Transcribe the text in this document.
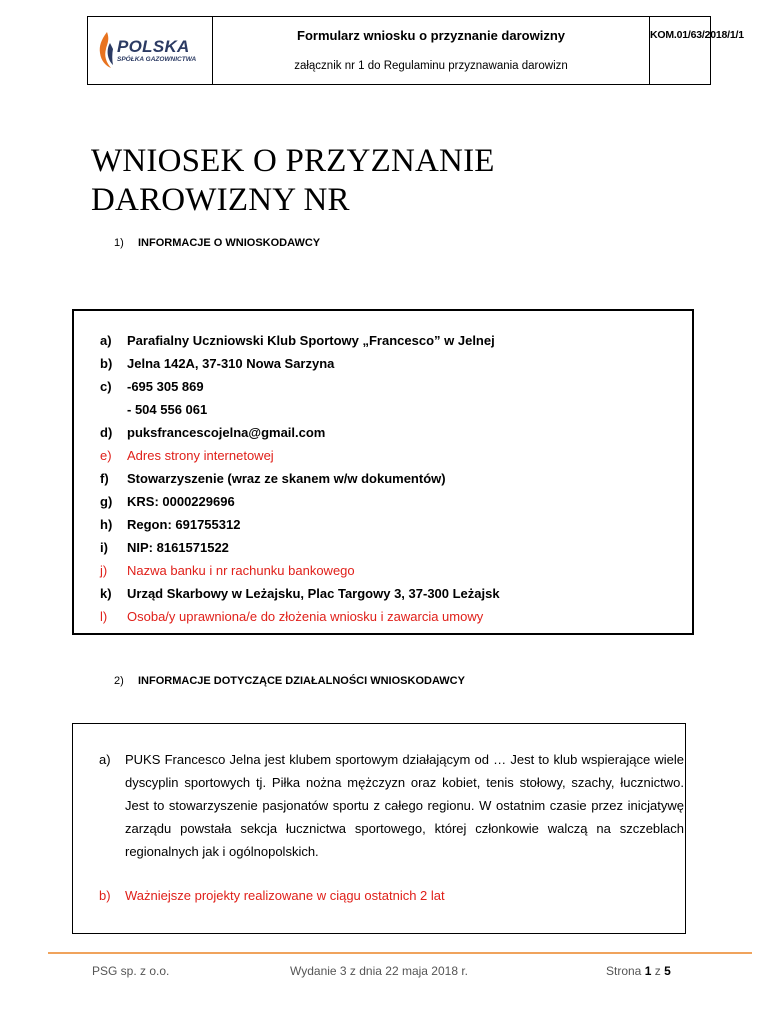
POLSKA
SPÓŁKA GAZOWNICTWA
Formularz wniosku o przyznanie darowizny
załącznik nr 1 do Regulaminu przyznawania darowizn
KOM.01/63/2018/1/1
WNIOSEK O PRZYZNANIE
DAROWIZNY NR
1) INFORMACJE O WNIOSKODAWCY
a)	Parafialny Uczniowski Klub Sportowy „Francesco” w Jelnej
b)	Jelna 142A, 37-310 Nowa Sarzyna
c)	-695 305 869
- 504 556 061
d)	puksfrancescojelna@gmail.com
e)	Adres strony internetowej
f)	Stowarzyszenie (wraz ze skanem w/w dokumentów)
g)	KRS: 0000229696
h)	Regon: 691755312
i)	NIP: 8161571522
j)	Nazwa banku i nr rachunku bankowego
k)	Urząd Skarbowy w Leżajsku, Plac Targowy 3, 37-300 Leżajsk
l)	Osoba/y uprawniona/e do złożenia wniosku i zawarcia umowy
2) INFORMACJE DOTYCZĄCE DZIAŁALNOŚCI WNIOSKODAWCY
a)	PUKS Francesco Jelna jest klubem sportowym działającym od … Jest to klub wspierające wiele dyscyplin sportowych tj. Piłka nożna mężczyzn oraz kobiet, tenis stołowy, szachy, łucznictwo. Jest to stowarzyszenie pasjonatów sportu z całego regionu. W ostatnim czasie przez inicjatywę zarządu powstała sekcja łucznictwa sportowego, której członkowie walczą na szczeblach regionalnych jak i ogólnopolskich.
b)	Ważniejsze projekty realizowane w ciągu ostatnich 2 lat
PSG sp. z o.o.	Wydanie 3 z dnia 22 maja 2018 r.	Strona 1 z 5
